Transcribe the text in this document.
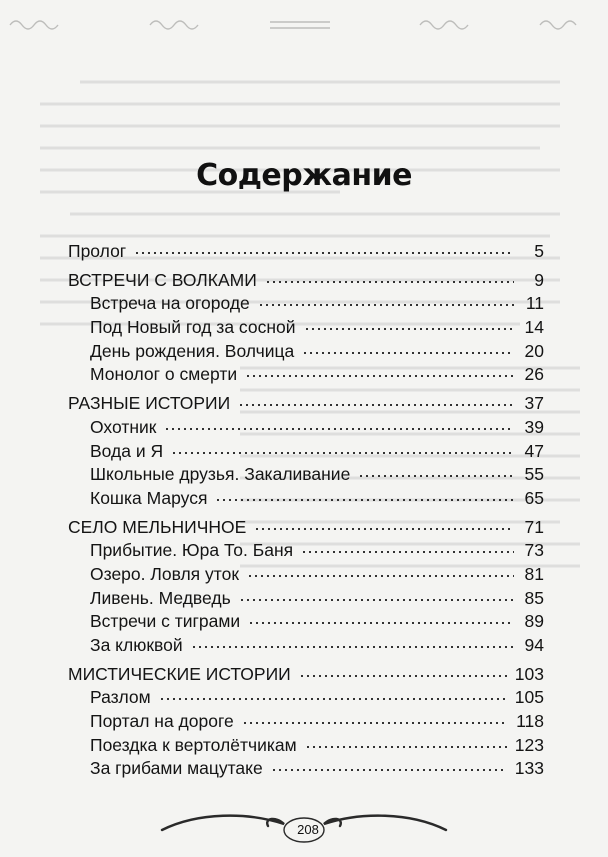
Содержание
Пролог	5
ВСТРЕЧИ С ВОЛКАМИ	9
Встреча на огороде	11
Под Новый год за сосной	14
День рождения. Волчица	20
Монолог о смерти	26
РАЗНЫЕ ИСТОРИИ	37
Охотник	39
Вода и Я	47
Школьные друзья. Закаливание	55
Кошка Маруся	65
СЕЛО МЕЛЬНИЧНОЕ	71
Прибытие. Юра То. Баня	73
Озеро. Ловля уток	81
Ливень. Медведь	85
Встречи с тиграми	89
За клюквой	94
МИСТИЧЕСКИЕ ИСТОРИИ	103
Разлом	105
Портал на дороге	118
Поездка к вертолётчикам	123
За грибами мацутаке	133
208
